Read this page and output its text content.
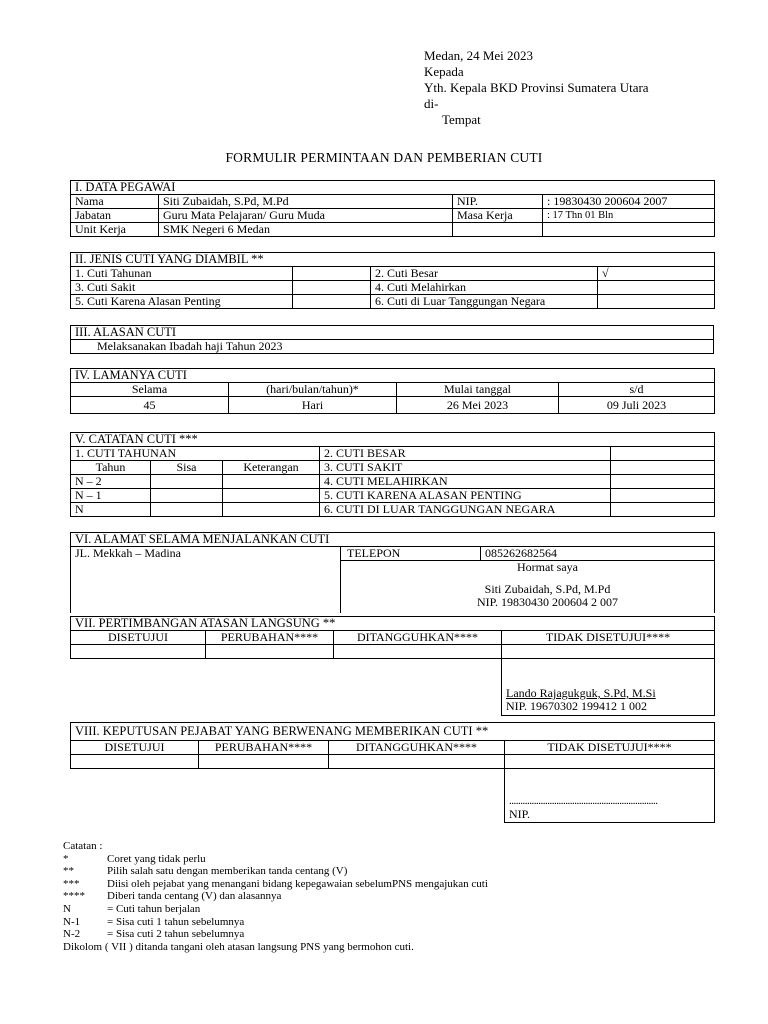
Medan, 24 Mei 2023
Kepada
Yth. Kepala BKD Provinsi Sumatera Utara
di-
Tempat
FORMULIR PERMINTAAN DAN PEMBERIAN CUTI
I. DATA PEGAWAI			
Nama	Siti Zubaidah, S.Pd, M.Pd	NIP.	: 19830430 200604 2007
Jabatan	Guru Mata Pelajaran/ Guru Muda	Masa Kerja	: 17 Thn 01 Bln
Unit Kerja	SMK Negeri 6 Medan		
II. JENIS CUTI YANG DIAMBIL **			
1. Cuti Tahunan		2. Cuti Besar	√
3. Cuti Sakit		4. Cuti Melahirkan	
5. Cuti Karena Alasan Penting		6. Cuti di Luar Tanggungan Negara	
III. ALASAN CUTI
Melaksanakan Ibadah haji Tahun 2023
IV. LAMANYA CUTI			
Selama	(hari/bulan/tahun)*	Mulai tanggal	s/d
45	Hari	26 Mei 2023	09 Juli 2023
V. CATATAN CUTI ***				
1. CUTI TAHUNAN			2. CUTI BESAR	
Tahun	Sisa	Keterangan	3. CUTI SAKIT	
N – 2			4. CUTI MELAHIRKAN	
N – 1			5. CUTI KARENA ALASAN PENTING	
N			6. CUTI DI LUAR TANGGUNGAN NEGARA	
VI. ALAMAT SELAMA MENJALANKAN CUTI
JL. Mekkah – Madina	TELEPON	085262682564

Hormat saya
Siti Zubaidah, S.Pd, M.Pd
NIP. 19830430 200604 2 007
VII. PERTIMBANGAN ATASAN LANGSUNG **			
DISETUJUI	PERUBAHAN****	DITANGGUHKAN****	TIDAK DISETUJUI****

			Lando Rajagukguk, S.Pd, M.Si
NIP. 19670302 199412 1 002
VIII. KEPUTUSAN PEJABAT YANG BERWENANG MEMBERIKAN CUTI **			
DISETUJUI	PERUBAHAN****	DITANGGUHKAN****	TIDAK DISETUJUI****

			..................................................................
NIP.
Catatan :
*	Coret yang tidak perlu
**	Pilih salah satu dengan memberikan tanda centang (V)
***	Diisi oleh pejabat yang menangani bidang kepegawaian sebelumPNS mengajukan cuti
****	Diberi tanda centang (V) dan alasannya
N	= Cuti tahun berjalan
N-1	= Sisa cuti 1 tahun sebelumnya
N-2	= Sisa cuti 2 tahun sebelumnya
Dikolom ( VII ) ditanda tangani oleh atasan langsung PNS yang bermohon cuti.
